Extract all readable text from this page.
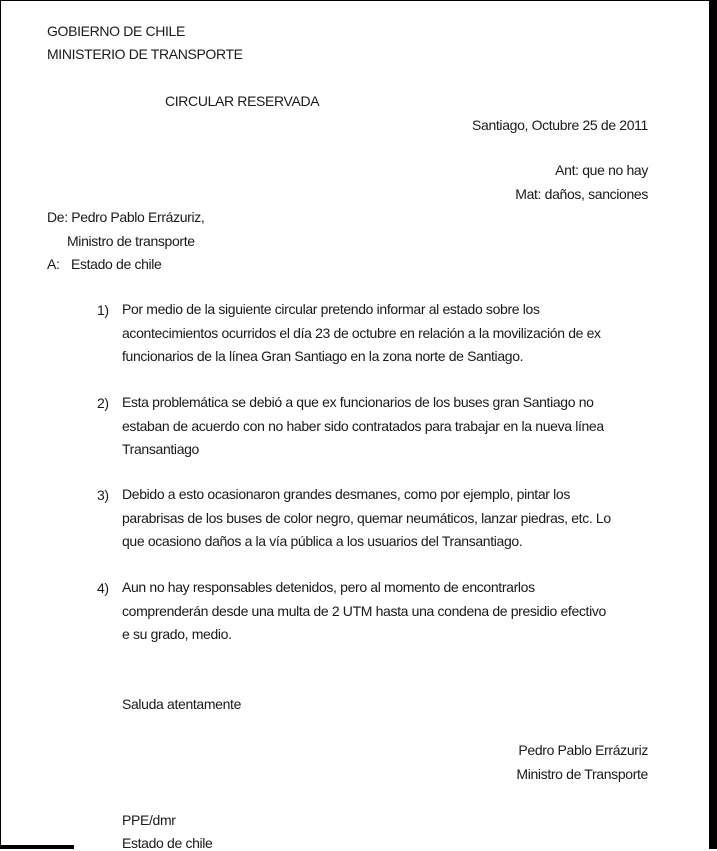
GOBIERNO DE CHILE
MINISTERIO DE TRANSPORTE
CIRCULAR RESERVADA
Santiago, Octubre 25 de 2011
Ant: que no hay
Mat: daños, sanciones
De: Pedro Pablo Errázuriz,
Ministro de transporte
A: Estado de chile
1) Por medio de la siguiente circular pretendo informar al estado sobre los
acontecimientos ocurridos el día 23 de octubre en relación a la movilización de ex
funcionarios de la línea Gran Santiago en la zona norte de Santiago.
2) Esta problemática se debió a que ex funcionarios de los buses gran Santiago no
estaban de acuerdo con no haber sido contratados para trabajar en la nueva línea
Transantiago
3) Debido a esto ocasionaron grandes desmanes, como por ejemplo, pintar los
parabrisas de los buses de color negro, quemar neumáticos, lanzar piedras, etc. Lo
que ocasiono daños a la vía pública a los usuarios del Transantiago.
4) Aun no hay responsables detenidos, pero al momento de encontrarlos
comprenderán desde una multa de 2 UTM hasta una condena de presidio efectivo
e su grado, medio.
Saluda atentamente
Pedro Pablo Errázuriz
Ministro de Transporte
PPE/dmr
Estado de chile
